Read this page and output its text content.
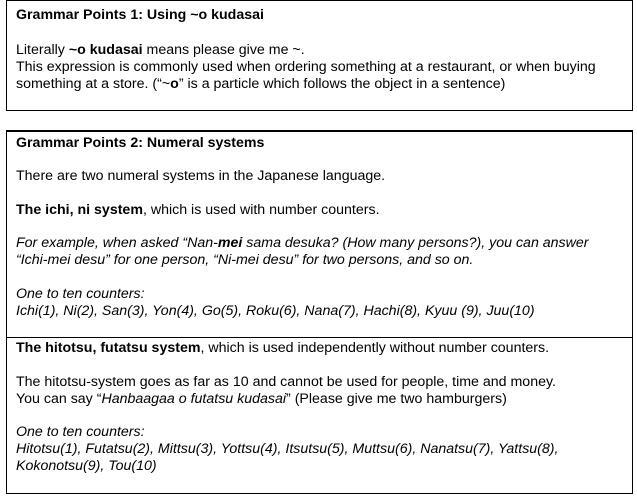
Grammar Points 1: Using ~o kudasai
Literally ~o kudasai means please give me ~.
This expression is commonly used when ordering something at a restaurant, or when buying
something at a store. (“~o” is a particle which follows the object in a sentence)
Grammar Points 2: Numeral systems
There are two numeral systems in the Japanese language.
The ichi, ni system, which is used with number counters.
For example, when asked “Nan-mei sama desuka? (How many persons?), you can answer
“Ichi-mei desu” for one person, “Ni-mei desu” for two persons, and so on.
One to ten counters:
Ichi(1), Ni(2), San(3), Yon(4), Go(5), Roku(6), Nana(7), Hachi(8), Kyuu (9), Juu(10)
The hitotsu, futatsu system, which is used independently without number counters.
The hitotsu-system goes as far as 10 and cannot be used for people, time and money.
You can say “Hanbaagaa o futatsu kudasai” (Please give me two hamburgers)
One to ten counters:
Hitotsu(1), Futatsu(2), Mittsu(3), Yottsu(4), Itsutsu(5), Muttsu(6), Nanatsu(7), Yattsu(8),
Kokonotsu(9), Tou(10)
